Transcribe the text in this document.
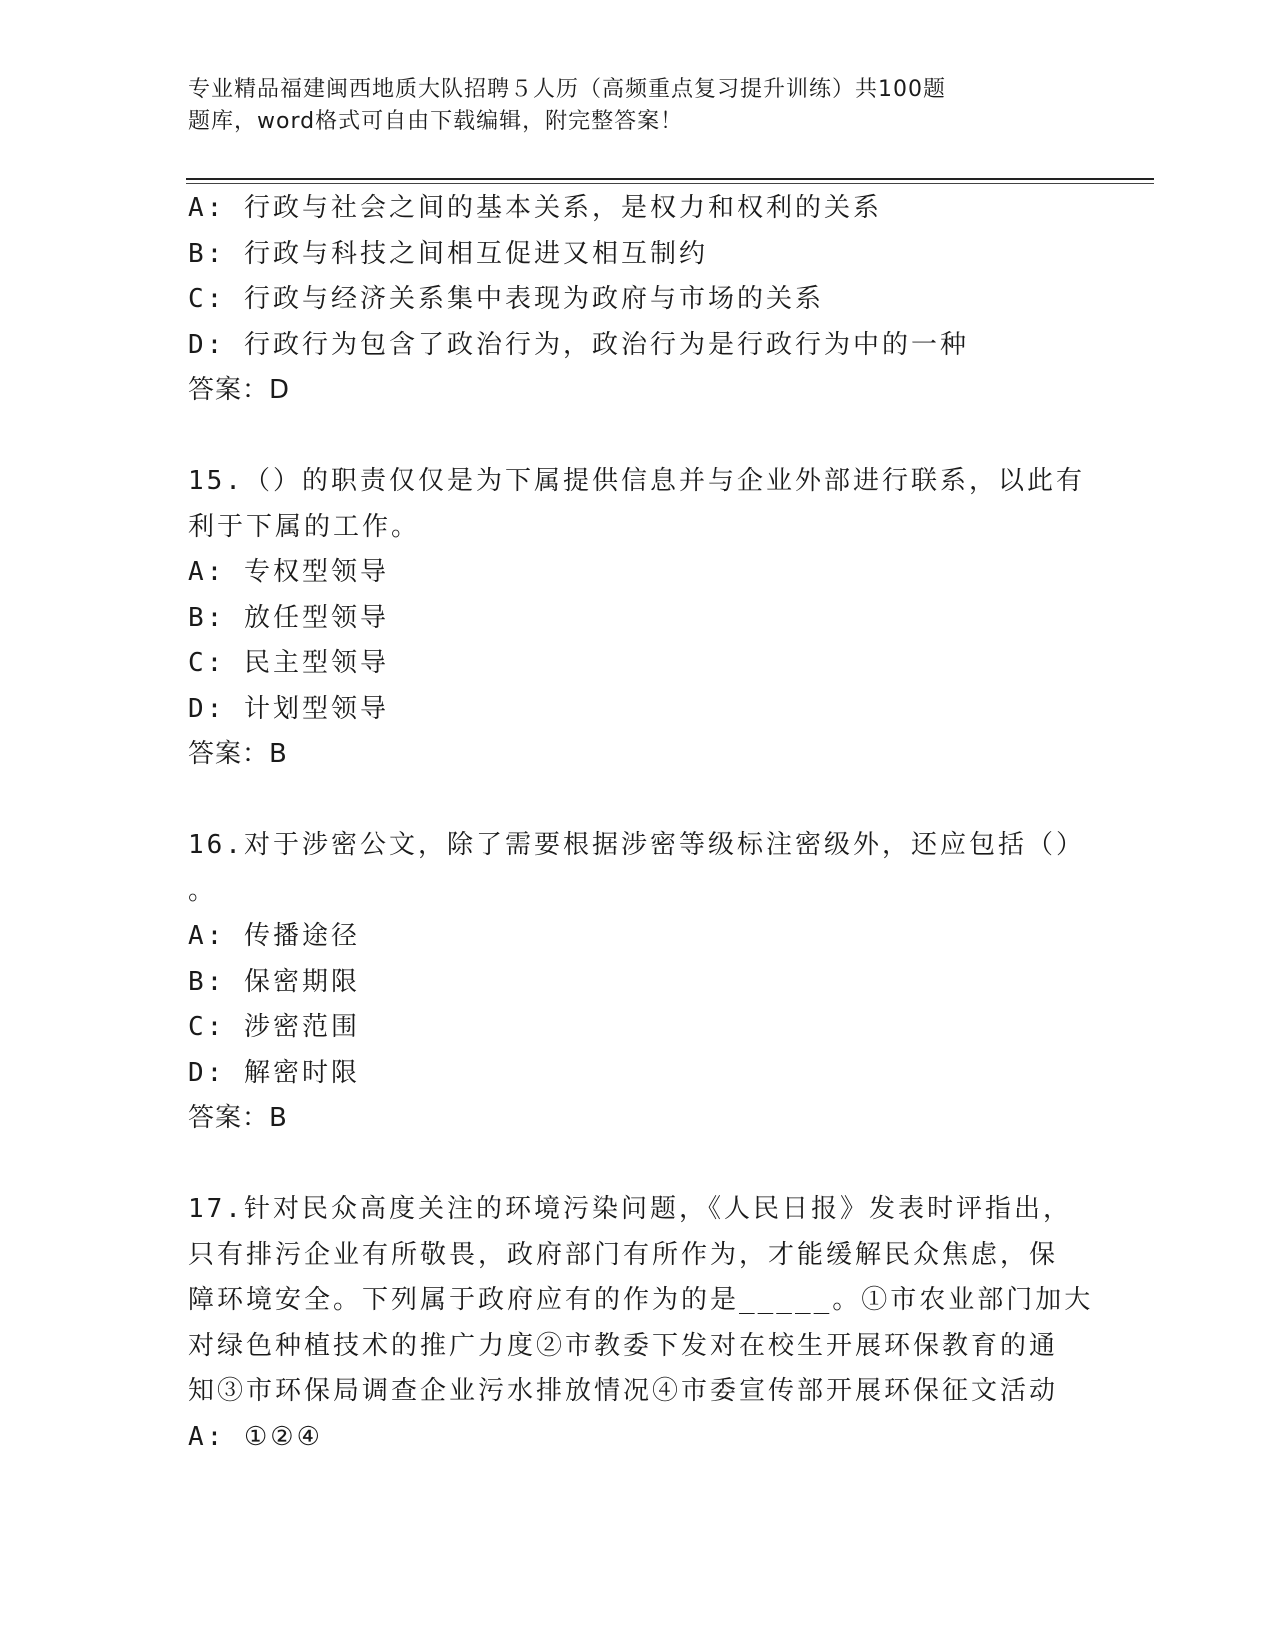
专业精品福建闽西地质大队招聘５人历（高频重点复习提升训练）共100题
题库，word格式可自由下载编辑，附完整答案！
A: 行政与社会之间的基本关系，是权力和权利的关系
B: 行政与科技之间相互促进又相互制约
C: 行政与经济关系集中表现为政府与市场的关系
D: 行政行为包含了政治行为，政治行为是行政行为中的一种
答案：D
15.（）的职责仅仅是为下属提供信息并与企业外部进行联系，以此有
利于下属的工作。
A: 专权型领导
B: 放任型领导
C: 民主型领导
D: 计划型领导
答案：B
16.对于涉密公文，除了需要根据涉密等级标注密级外，还应包括（）
。
A: 传播途径
B: 保密期限
C: 涉密范围
D: 解密时限
答案：B
17.针对民众高度关注的环境污染问题，《人民日报》发表时评指出，
只有排污企业有所敬畏，政府部门有所作为，才能缓解民众焦虑，保
障环境安全。下列属于政府应有的作为的是_____。①市农业部门加大
对绿色种植技术的推广力度②市教委下发对在校生开展环保教育的通
知③市环保局调查企业污水排放情况④市委宣传部开展环保征文活动
A: ①②④
